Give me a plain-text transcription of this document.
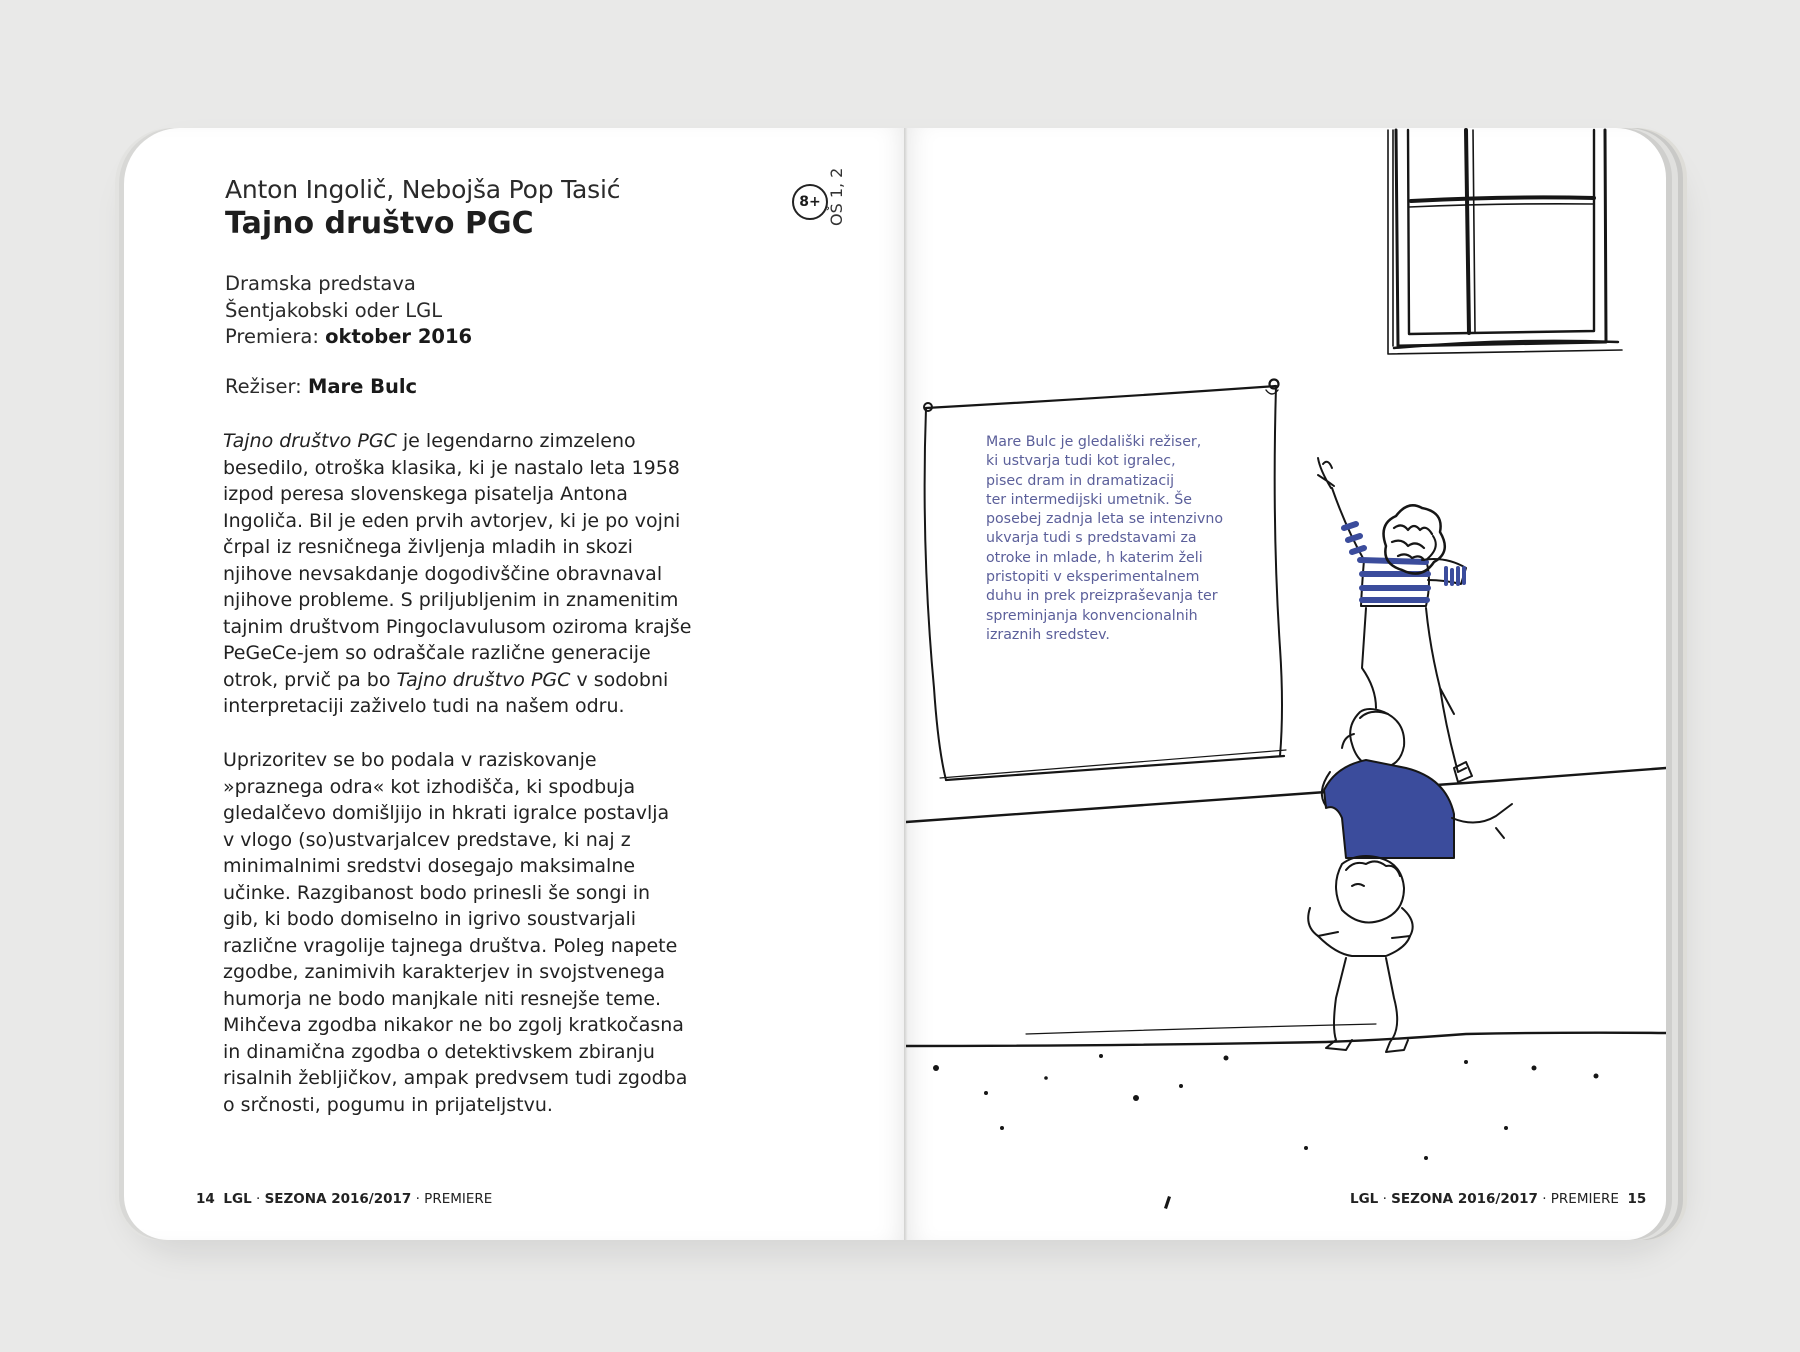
Anton Ingolič, Nebojša Pop Tasić
Tajno društvo PGC
8+ OŠ 1, 2
Dramska predstava
Šentjakobski oder LGL
Premiera: oktober 2016
Režiser: Mare Bulc

Tajno društvo PGC je legendarno zimzeleno

besedilo, otroška klasika, ki je nastalo leta 1958

izpod peresa slovenskega pisatelja Antona

Ingoliča. Bil je eden prvih avtorjev, ki je po vojni

črpal iz resničnega življenja mladih in skozi

njihove nevsakdanje dogodivščine obravnaval

njihove probleme. S priljubljenim in znamenitim

tajnim društvom Pingoclavulusom oziroma krajše

PeGeCe-jem so odraščale različne generacije

otrok, prvič pa bo Tajno društvo PGC v sodobni

interpretaciji zaživelo tudi na našem odru.

Uprizoritev se bo podala v raziskovanje

»praznega odra« kot izhodišča, ki spodbuja

gledalčevo domišljijo in hkrati igralce postavlja

v vlogo (so)ustvarjalcev predstave, ki naj z

minimalnimi sredstvi dosegajo maksimalne

učinke. Razgibanost bodo prinesli še songi in

gib, ki bodo domiselno in igrivo soustvarjali

različne vragolije tajnega društva. Poleg napete

zgodbe, zanimivih karakterjev in svojstvenega

humorja ne bodo manjkale niti resnejše teme.

Mihčeva zgodba nikakor ne bo zgolj kratkočasna

in dinamična zgodba o detektivskem zbiranju

risalnih žebljičkov, ampak predvsem tudi zgodba

o srčnosti, pogumu in prijateljstvu.

14 LGL · SEZONA 2016/2017 · PREMIERE

Mare Bulc je gledališki režiser,

ki ustvarja tudi kot igralec,

pisec dram in dramatizacij

ter intermedijski umetnik. Še

posebej zadnja leta se intenzivno

ukvarja tudi s predstavami za

otroke in mlade, h katerim želi

pristopiti v eksperimentalnem

duhu in prek preizpraševanja ter

spreminjanja konvencionalnih

izraznih sredstev.

LGL · SEZONA 2016/2017 · PREMIERE 15
